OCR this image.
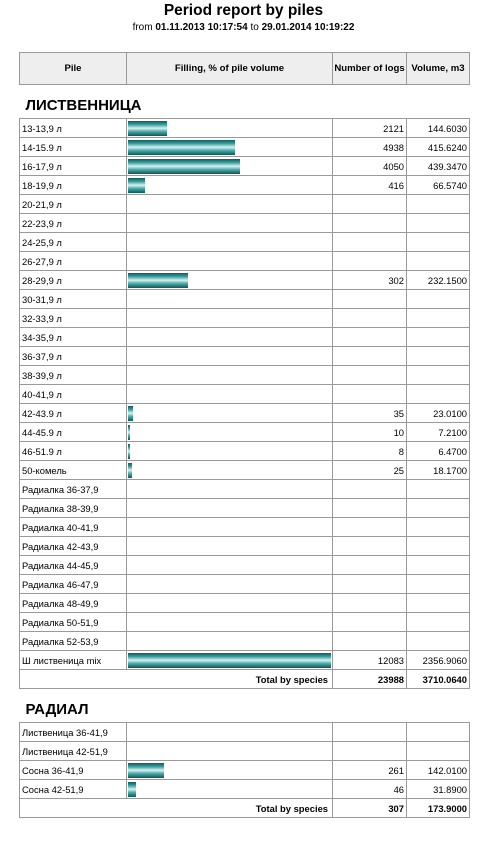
Period report by piles
from 01.11.2013 10:17:54 to 29.01.2014 10:19:22
Pile	Filling, % of pile volume	Number of logs	Volume, m3
ЛИСТВЕННИЦА			
13-13,9 л		2121	144.6030
14-15.9 л		4938	415.6240
16-17,9 л		4050	439.3470
18-19,9 л		416	66.5740
20-21,9 л			
22-23,9 л			
24-25,9 л			
26-27,9 л			
28-29,9 л		302	232.1500
30-31,9 л			
32-33,9 л			
34-35,9 л			
36-37,9 л			
38-39,9 л			
40-41,9 л			
42-43.9 л		35	23.0100
44-45.9 л		10	7.2100
46-51.9 л		8	6.4700
50-комель		25	18.1700
Радиалка 36-37,9			
Радиалка 38-39,9			
Радиалка 40-41,9			
Радиалка 42-43,9			
Радиалка 44-45,9			
Радиалка 46-47,9			
Радиалка 48-49,9			
Радиалка 50-51,9			
Радиалка 52-53,9			
Ш лиственица mix		12083	2356.9060
Total by species		23988	3710.0640
РАДИАЛ			
Лиственица 36-41,9			
Лиственица 42-51,9			
Сосна 36-41,9		261	142.0100
Сосна 42-51,9		46	31.8900
Total by species		307	173.9000
